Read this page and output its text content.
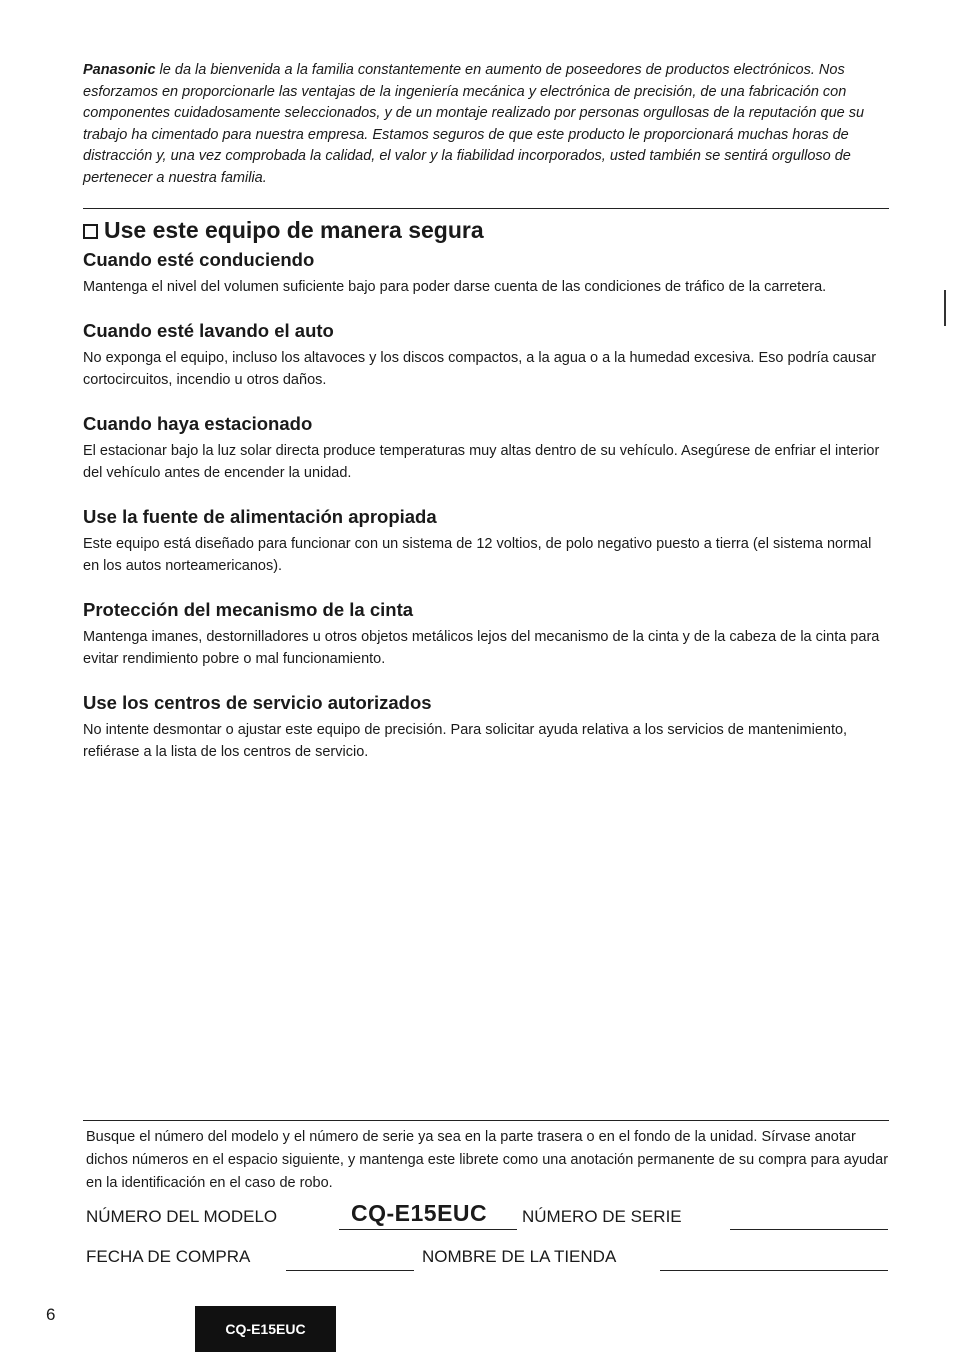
Panasonic le da la bienvenida a la familia constantemente en aumento de poseedores de productos electrónicos. Nos esforzamos en proporcionarle las ventajas de la ingeniería mecánica y electrónica de precisión, de una fabricación con componentes cuidadosamente seleccionados, y de un montaje realizado por personas orgullosas de la reputación que su trabajo ha cimentado para nuestra empresa. Estamos seguros de que este producto le proporcionará muchas horas de distracción y, una vez comprobada la calidad, el valor y la fiabilidad incorporados, usted también se sentirá orgulloso de pertenecer a nuestra familia.

Use este equipo de manera segura
Cuando esté conduciendo

Mantenga el nivel del volumen suficiente bajo para poder darse cuenta de las condiciones de tráfico de la carretera.

Cuando esté lavando el auto

No exponga el equipo, incluso los altavoces y los discos compactos, a la agua o a la humedad excesiva. Eso podría causar cortocircuitos, incendio u otros daños.

Cuando haya estacionado

El estacionar bajo la luz solar directa produce temperaturas muy altas dentro de su vehículo. Asegúrese de enfriar el interior del vehículo antes de encender la unidad.

Use la fuente de alimentación apropiada

Este equipo está diseñado para funcionar con un sistema de 12 voltios, de polo negativo puesto a tierra (el sistema normal en los autos norteamericanos).

Protección del mecanismo de la cinta

Mantenga imanes, destornilladores u otros objetos metálicos lejos del mecanismo de la cinta y de la cabeza de la cinta para evitar rendimiento pobre o mal funcionamiento.

Use los centros de servicio autorizados

No intente desmontar o ajustar este equipo de precisión. Para solicitar ayuda relativa a los servicios de mantenimiento, refiérase a la lista de los centros de servicio.

Busque el número del modelo y el número de serie ya sea en la parte trasera o en el fondo de la unidad. Sírvase anotar dichos números en el espacio siguiente, y mantenga este librete como una anotación permanente de su compra para ayudar en la identificación en el caso de robo.

NÚMERO DEL MODELO	CQ-E15EUC NÚMERO DE SERIE
FECHA DE COMPRA	NOMBRE DE LA TIENDA
6
CQ-E15EUC
